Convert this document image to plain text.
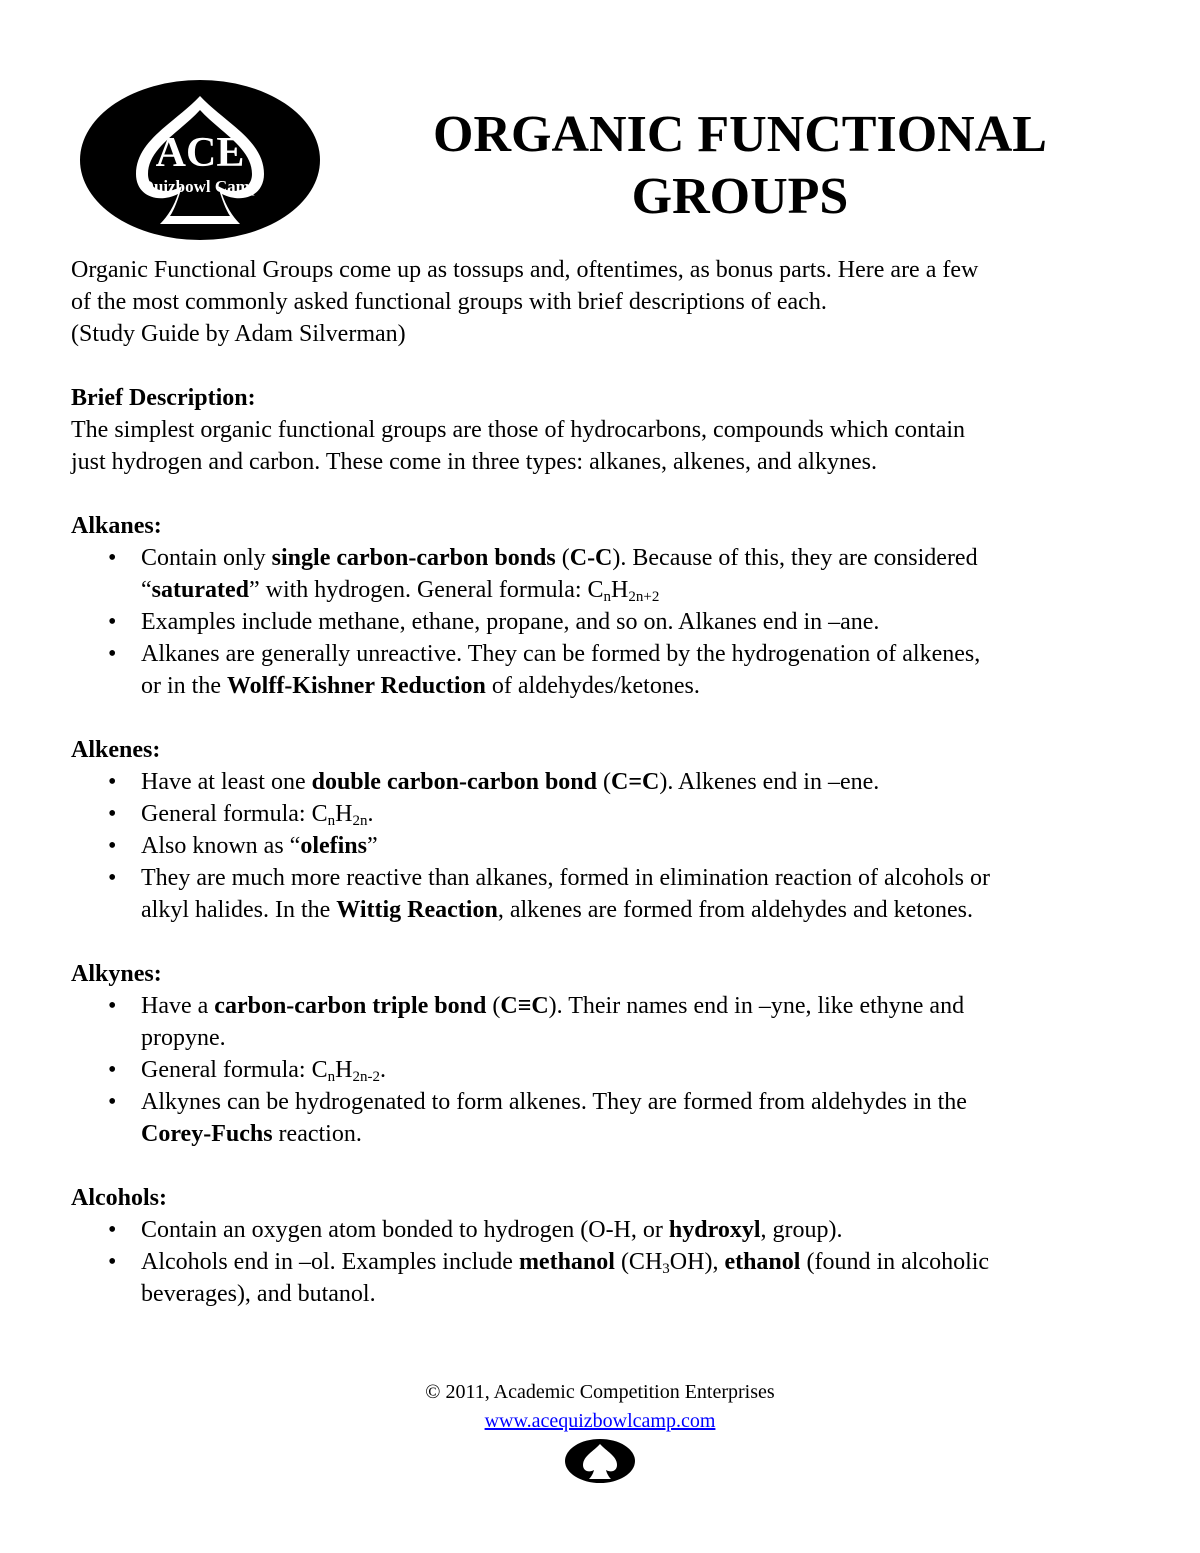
ACE
Quizbowl Camp
ORGANIC FUNCTIONAL
GROUPS

Organic Functional Groups come up as tossups and, oftentimes, as bonus parts. Here are a few
of the most commonly asked functional groups with brief descriptions of each.
(Study Guide by Adam Silverman)

Brief Description:

The simplest organic functional groups are those of hydrocarbons, compounds which contain
just hydrogen and carbon. These come in three types: alkanes, alkenes, and alkynes.

Alkanes:

• Contain only single carbon-carbon bonds (C-C). Because of this, they are considered
“saturated” with hydrogen. General formula: $C_nH_{2n+2}$
• Examples include methane, ethane, propane, and so on. Alkanes end in –ane.
• Alkanes are generally unreactive. They can be formed by the hydrogenation of alkenes,
or in the Wolff-Kishner Reduction of aldehydes/ketones.

Alkenes:

• Have at least one double carbon-carbon bond (C=C). Alkenes end in –ene.
• General formula: $C_nH_{2n}$.
• Also known as “olefins”
• They are much more reactive than alkanes, formed in elimination reaction of alcohols or
alkyl halides. In the Wittig Reaction, alkenes are formed from aldehydes and ketones.

Alkynes:

• Have a carbon-carbon triple bond (C≡C). Their names end in –yne, like ethyne and
propyne.
• General formula: $C_nH_{2n-2}$.
• Alkynes can be hydrogenated to form alkenes. They are formed from aldehydes in the
Corey-Fuchs reaction.

Alcohols:

• Contain an oxygen atom bonded to hydrogen (O-H, or hydroxyl, group).
• Alcohols end in –ol. Examples include methanol $(CH_3OH)$, ethanol (found in alcoholic
beverages), and butanol.
© 2011, Academic Competition Enterprises
www.acequizbowlcamp.com
